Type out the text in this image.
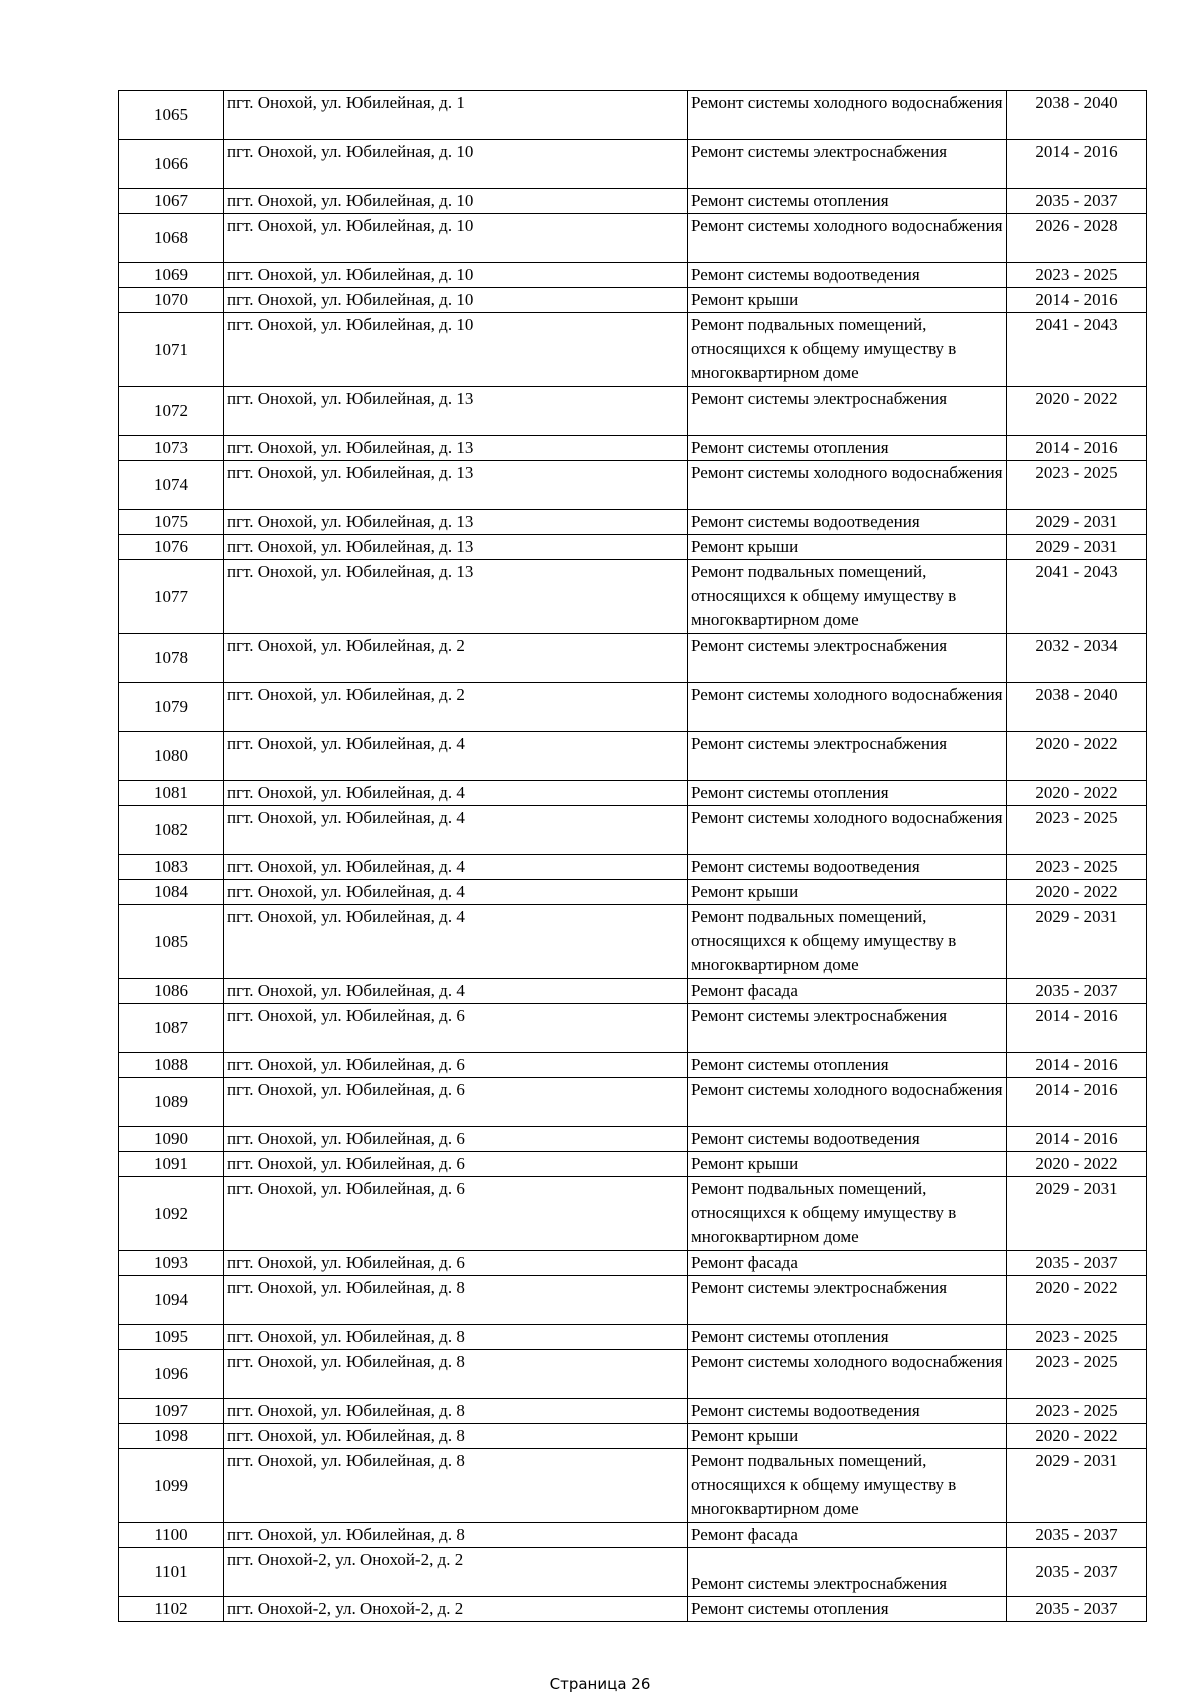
1065	пгт. Онохой, ул. Юбилейная, д. 1	Ремонт системы холодного водоснабжения	2038 - 2040
1066	пгт. Онохой, ул. Юбилейная, д. 10	Ремонт системы электроснабжения	2014 - 2016
1067	пгт. Онохой, ул. Юбилейная, д. 10	Ремонт системы отопления	2035 - 2037
1068	пгт. Онохой, ул. Юбилейная, д. 10	Ремонт системы холодного водоснабжения	2026 - 2028
1069	пгт. Онохой, ул. Юбилейная, д. 10	Ремонт системы водоотведения	2023 - 2025
1070	пгт. Онохой, ул. Юбилейная, д. 10	Ремонт крыши	2014 - 2016
1071	пгт. Онохой, ул. Юбилейная, д. 10	Ремонт подвальных помещений, относящихся к общему имуществу в многоквартирном доме	2041 - 2043
1072	пгт. Онохой, ул. Юбилейная, д. 13	Ремонт системы электроснабжения	2020 - 2022
1073	пгт. Онохой, ул. Юбилейная, д. 13	Ремонт системы отопления	2014 - 2016
1074	пгт. Онохой, ул. Юбилейная, д. 13	Ремонт системы холодного водоснабжения	2023 - 2025
1075	пгт. Онохой, ул. Юбилейная, д. 13	Ремонт системы водоотведения	2029 - 2031
1076	пгт. Онохой, ул. Юбилейная, д. 13	Ремонт крыши	2029 - 2031
1077	пгт. Онохой, ул. Юбилейная, д. 13	Ремонт подвальных помещений, относящихся к общему имуществу в многоквартирном доме	2041 - 2043
1078	пгт. Онохой, ул. Юбилейная, д. 2	Ремонт системы электроснабжения	2032 - 2034
1079	пгт. Онохой, ул. Юбилейная, д. 2	Ремонт системы холодного водоснабжения	2038 - 2040
1080	пгт. Онохой, ул. Юбилейная, д. 4	Ремонт системы электроснабжения	2020 - 2022
1081	пгт. Онохой, ул. Юбилейная, д. 4	Ремонт системы отопления	2020 - 2022
1082	пгт. Онохой, ул. Юбилейная, д. 4	Ремонт системы холодного водоснабжения	2023 - 2025
1083	пгт. Онохой, ул. Юбилейная, д. 4	Ремонт системы водоотведения	2023 - 2025
1084	пгт. Онохой, ул. Юбилейная, д. 4	Ремонт крыши	2020 - 2022
1085	пгт. Онохой, ул. Юбилейная, д. 4	Ремонт подвальных помещений, относящихся к общему имуществу в многоквартирном доме	2029 - 2031
1086	пгт. Онохой, ул. Юбилейная, д. 4	Ремонт фасада	2035 - 2037
1087	пгт. Онохой, ул. Юбилейная, д. 6	Ремонт системы электроснабжения	2014 - 2016
1088	пгт. Онохой, ул. Юбилейная, д. 6	Ремонт системы отопления	2014 - 2016
1089	пгт. Онохой, ул. Юбилейная, д. 6	Ремонт системы холодного водоснабжения	2014 - 2016
1090	пгт. Онохой, ул. Юбилейная, д. 6	Ремонт системы водоотведения	2014 - 2016
1091	пгт. Онохой, ул. Юбилейная, д. 6	Ремонт крыши	2020 - 2022
1092	пгт. Онохой, ул. Юбилейная, д. 6	Ремонт подвальных помещений, относящихся к общему имуществу в многоквартирном доме	2029 - 2031
1093	пгт. Онохой, ул. Юбилейная, д. 6	Ремонт фасада	2035 - 2037
1094	пгт. Онохой, ул. Юбилейная, д. 8	Ремонт системы электроснабжения	2020 - 2022
1095	пгт. Онохой, ул. Юбилейная, д. 8	Ремонт системы отопления	2023 - 2025
1096	пгт. Онохой, ул. Юбилейная, д. 8	Ремонт системы холодного водоснабжения	2023 - 2025
1097	пгт. Онохой, ул. Юбилейная, д. 8	Ремонт системы водоотведения	2023 - 2025
1098	пгт. Онохой, ул. Юбилейная, д. 8	Ремонт крыши	2020 - 2022
1099	пгт. Онохой, ул. Юбилейная, д. 8	Ремонт подвальных помещений, относящихся к общему имуществу в многоквартирном доме	2029 - 2031
1100	пгт. Онохой, ул. Юбилейная, д. 8	Ремонт фасада	2035 - 2037
1101	пгт. Онохой-2, ул. Онохой-2, д. 2	Ремонт системы электроснабжения	2035 - 2037
1102	пгт. Онохой-2, ул. Онохой-2, д. 2	Ремонт системы отопления	2035 - 2037
Страница 26
